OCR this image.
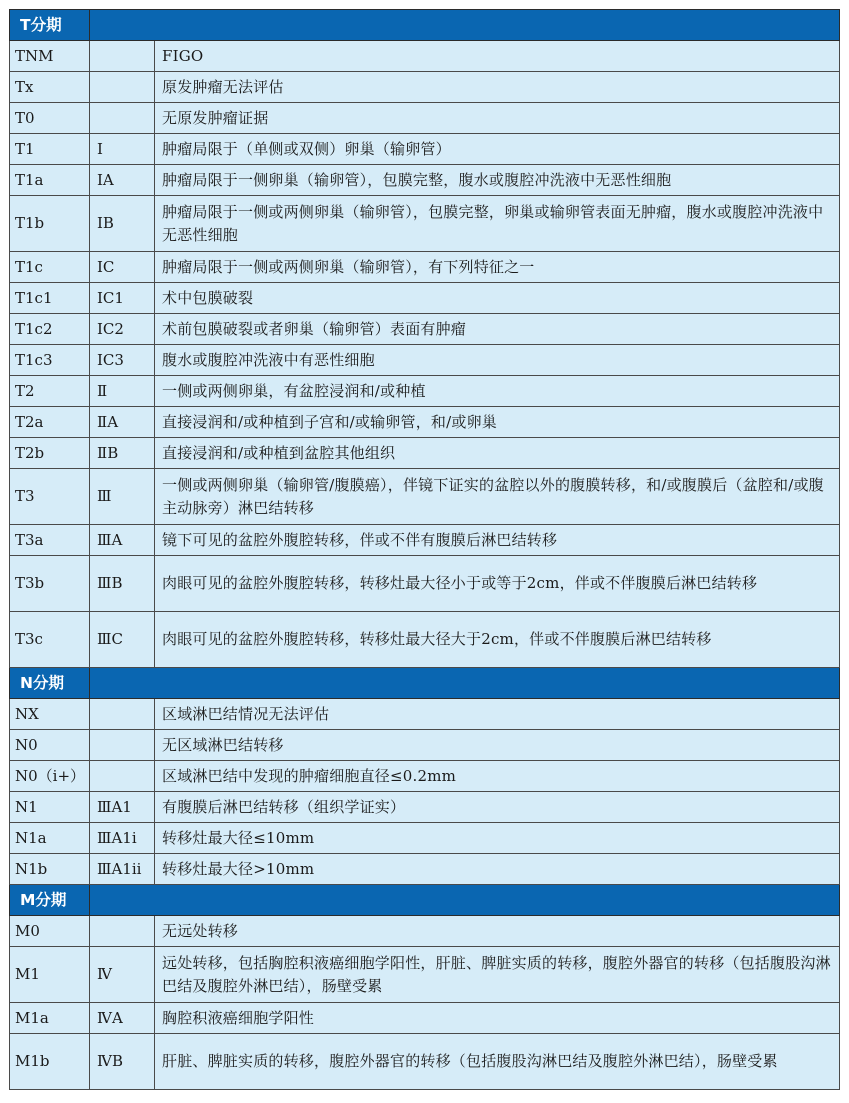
T分期		
TNM		FIGO
Tx		原发肿瘤无法评估
T0		无原发肿瘤证据
T1	Ⅰ	肿瘤局限于（单侧或双侧）卵巢（输卵管）
T1a	ⅠA	肿瘤局限于一侧卵巢（输卵管），包膜完整，腹水或腹腔冲洗液中无恶性细胞
T1b	ⅠB	肿瘤局限于一侧或两侧卵巢（输卵管），包膜完整，卵巢或输卵管表面无肿瘤，腹水或腹腔冲洗液中无恶性细胞
T1c	ⅠC	肿瘤局限于一侧或两侧卵巢（输卵管），有下列特征之一
T1c1	ⅠC1	术中包膜破裂
T1c2	ⅠC2	术前包膜破裂或者卵巢（输卵管）表面有肿瘤
T1c3	ⅠC3	腹水或腹腔冲洗液中有恶性细胞
T2	Ⅱ	一侧或两侧卵巢，有盆腔浸润和/或种植
T2a	ⅡA	直接浸润和/或种植到子宫和/或输卵管，和/或卵巢
T2b	ⅡB	直接浸润和/或种植到盆腔其他组织
T3	Ⅲ	一侧或两侧卵巢（输卵管/腹膜癌），伴镜下证实的盆腔以外的腹膜转移，和/或腹膜后（盆腔和/或腹主动脉旁）淋巴结转移
T3a	ⅢA	镜下可见的盆腔外腹腔转移，伴或不伴有腹膜后淋巴结转移
T3b	ⅢB	肉眼可见的盆腔外腹腔转移，转移灶最大径小于或等于2cm，伴或不伴腹膜后淋巴结转移
T3c	ⅢC	肉眼可见的盆腔外腹腔转移，转移灶最大径大于2cm，伴或不伴腹膜后淋巴结转移
N分期		
NX		区域淋巴结情况无法评估
N0		无区域淋巴结转移
N0（i+）		区域淋巴结中发现的肿瘤细胞直径≤0.2mm
N1	ⅢA1	有腹膜后淋巴结转移（组织学证实）
N1a	ⅢA1i	转移灶最大径≤10mm
N1b	ⅢA1ii	转移灶最大径>10mm
M分期		
M0		无远处转移
M1	Ⅳ	远处转移，包括胸腔积液癌细胞学阳性，肝脏、脾脏实质的转移，腹腔外器官的转移（包括腹股沟淋巴结及腹腔外淋巴结），肠壁受累
M1a	ⅣA	胸腔积液癌细胞学阳性
M1b	ⅣB	肝脏、脾脏实质的转移，腹腔外器官的转移（包括腹股沟淋巴结及腹腔外淋巴结），肠壁受累
